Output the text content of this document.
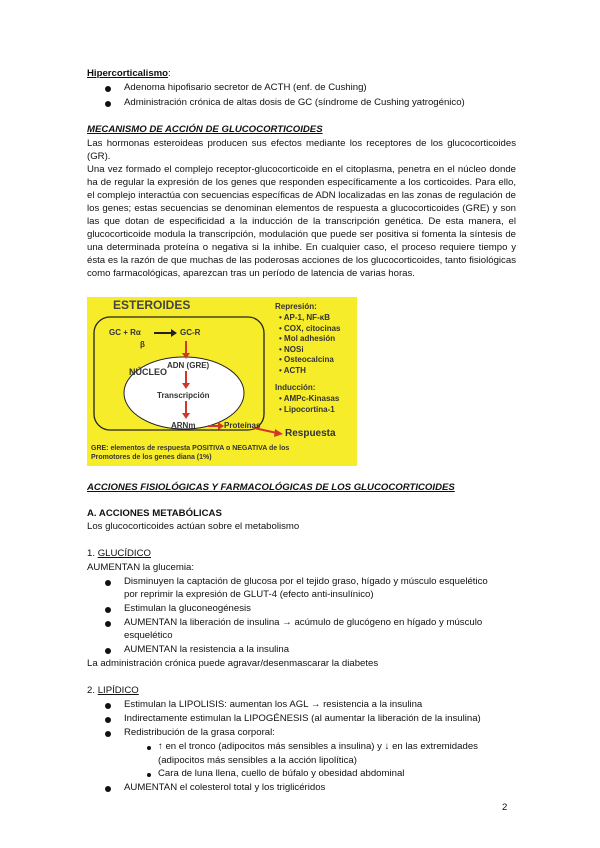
Hipercorticalismo:
Adenoma hipofisario secretor de ACTH (enf. de Cushing)
Administración crónica de altas dosis de GC (síndrome de Cushing yatrogénico)
MECANISMO DE ACCIÓN DE GLUCOCORTICOIDES
Las hormonas esteroideas producen sus efectos mediante los receptores de los glucocorticoides (GR).
Una vez formado el complejo receptor-glucocorticoide en el citoplasma, penetra en el núcleo donde ha de regular la expresión de los genes que responden específicamente a los corticoides. Para ello, el complejo interactúa con secuencias específicas de ADN localizadas en las zonas de regulación de los genes; estas secuencias se denominan elementos de respuesta a glucocorticoides (GRE) y son las que dotan de especificidad a la inducción de la transcripción genética. De esta manera, el glucocorticoide modula la transcripción, modulación que puede ser positiva si fomenta la síntesis de una determinada proteína o negativa si la inhibe. En cualquier caso, el proceso requiere tiempo y ésta es la razón de que muchas de las poderosas acciones de los glucocorticoides, tanto fisiológicas como farmacológicas, aparezcan tras un período de latencia de varias horas.
ESTEROIDES
GC + Rα
β
GC-R
ADN (GRE)
NÚCLEO
Transcripción
ARNm	Proteínas
Respuesta
Represión:
• AP-1, NF-κB
• COX, citocinas
• Mol adhesión
• NOSi
• Osteocalcina
• ACTH
Inducción:
• AMPc-Kinasas
• Lipocortina-1
GRE: elementos de respuesta POSITIVA o NEGATIVA de los
Promotores de los genes diana (1%)
ACCIONES FISIOLÓGICAS Y FARMACOLÓGICAS DE LOS GLUCOCORTICOIDES
A. ACCIONES METABÓLICAS
Los glucocorticoides actúan sobre el metabolismo
1. GLUCÍDICO
AUMENTAN la glucemia:
Disminuyen la captación de glucosa por el tejido graso, hígado y músculo esquelético
por reprimir la expresión de GLUT-4 (efecto anti-insulínico)
Estimulan la gluconeogénesis
AUMENTAN la liberación de insulina → acúmulo de glucógeno en hígado y músculo
esquelético
AUMENTAN la resistencia a la insulina
La administración crónica puede agravar/desenmascarar la diabetes
2. LIPÍDICO
Estimulan la LIPOLISIS: aumentan los AGL → resistencia a la insulina
Indirectamente estimulan la LIPOGÉNESIS (al aumentar la liberación de la insulina)
Redistribución de la grasa corporal:
↑ en el tronco (adipocitos más sensibles a insulina) y ↓ en las extremidades
(adipocitos más sensibles a la acción lipolítica)
Cara de luna llena, cuello de búfalo y obesidad abdominal
AUMENTAN el colesterol total y los triglicéridos
2
